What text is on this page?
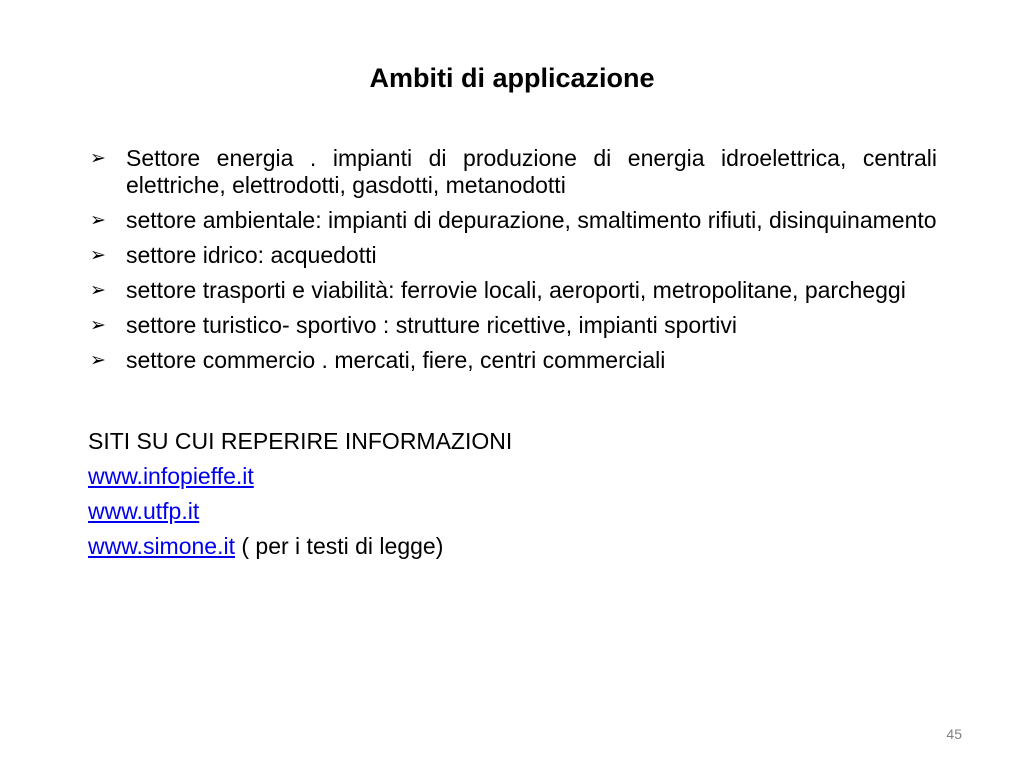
Ambiti di applicazione
➢ Settore energia . impianti di produzione di energia idroelettrica, centrali elettriche, elettrodotti, gasdotti, metanodotti
➢ settore ambientale: impianti di depurazione, smaltimento rifiuti, disinquinamento
➢ settore idrico: acquedotti
➢ settore trasporti e viabilità: ferrovie locali, aeroporti, metropolitane, parcheggi
➢ settore turistico- sportivo : strutture ricettive, impianti sportivi
➢ settore commercio . mercati, fiere, centri commerciali
SITI SU CUI REPERIRE INFORMAZIONI
www.infopieffe.it
www.utfp.it
www.simone.it ( per i testi di legge)
45
